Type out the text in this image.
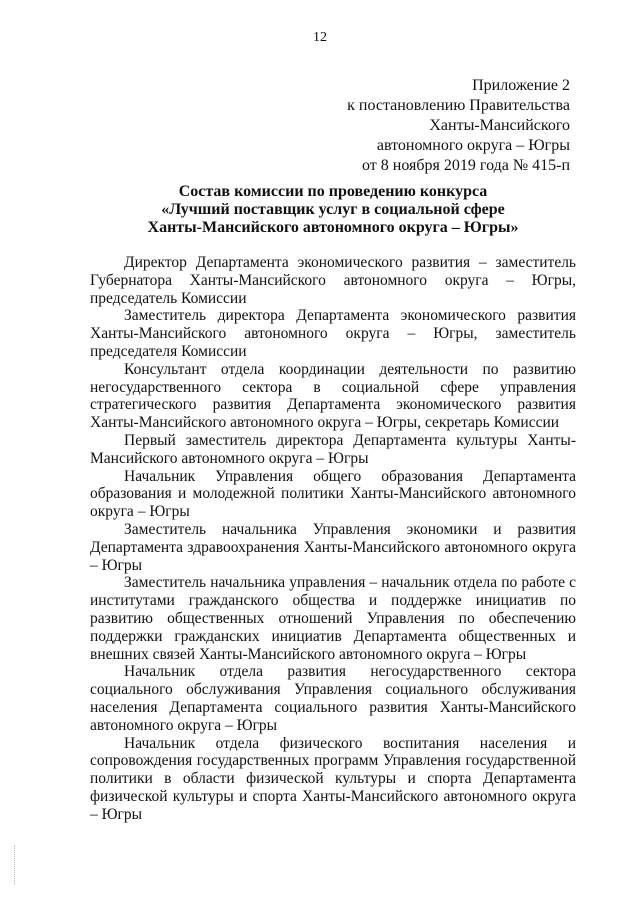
12
Приложение 2
к постановлению Правительства
Ханты-Мансийского
автономного округа – Югры
от 8 ноября 2019 года № 415-п
Состав комиссии по проведению конкурса
«Лучший поставщик услуг в социальной сфере
Ханты-Мансийского автономного округа – Югры»

Директор Департамента экономического развития – заместитель Губернатора Ханты-Мансийского автономного округа – Югры, председатель Комиссии

Заместитель директора Департамента экономического развития Ханты-Мансийского автономного округа – Югры, заместитель председателя Комиссии

Консультант отдела координации деятельности по развитию негосударственного сектора в социальной сфере управления стратегического развития Департамента экономического развития Ханты-Мансийского автономного округа – Югры, секретарь Комиссии

Первый заместитель директора Департамента культуры Ханты-Мансийского автономного округа – Югры

Начальник Управления общего образования Департамента образования и молодежной политики Ханты-Мансийского автономного округа – Югры

Заместитель начальника Управления экономики и развития Департамента здравоохранения Ханты-Мансийского автономного округа – Югры

Заместитель начальника управления – начальник отдела по работе с институтами гражданского общества и поддержке инициатив по развитию общественных отношений Управления по обеспечению поддержки гражданских инициатив Департамента общественных и внешних связей Ханты-Мансийского автономного округа – Югры

Начальник отдела развития негосударственного сектора социального обслуживания Управления социального обслуживания населения Департамента социального развития Ханты-Мансийского автономного округа – Югры

Начальник отдела физического воспитания населения и сопровождения государственных программ Управления государственной политики в области физической культуры и спорта Департамента физической культуры и спорта Ханты-Мансийского автономного округа – Югры
